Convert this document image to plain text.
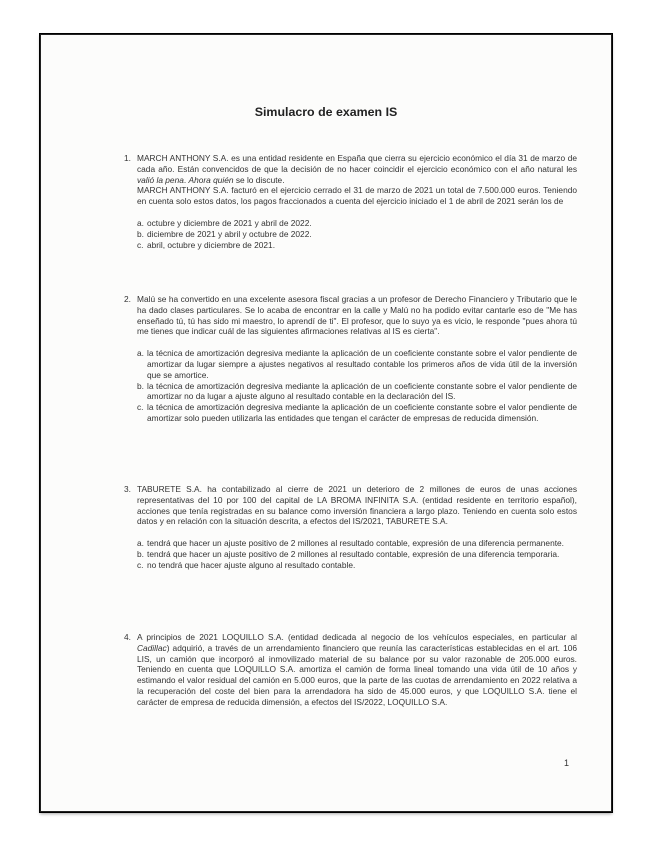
Simulacro de examen IS
1. MARCH ANTHONY S.A. es una entidad residente en España que cierra su ejercicio económico el día 31 de marzo de cada año. Están convencidos de que la decisión de no hacer coincidir el ejercicio económico con el año natural les valió la pena. Ahora quién se lo discute.

MARCH ANTHONY S.A. facturó en el ejercicio cerrado el 31 de marzo de 2021 un total de 7.500.000 euros. Teniendo en cuenta solo estos datos, los pagos fraccionados a cuenta del ejercicio iniciado el 1 de abril de 2021 serán los de

a. octubre y diciembre de 2021 y abril de 2022.
b. diciembre de 2021 y abril y octubre de 2022.
c. abril, octubre y diciembre de 2021.
2. Malú se ha convertido en una excelente asesora fiscal gracias a un profesor de Derecho Financiero y Tributario que le ha dado clases particulares. Se lo acaba de encontrar en la calle y Malú no ha podido evitar cantarle eso de "Me has enseñado tú, tú has sido mi maestro, lo aprendí de ti". El profesor, que lo suyo ya es vicio, le responde "pues ahora tú me tienes que indicar cuál de las siguientes afirmaciones relativas al IS es cierta".

a. la técnica de amortización degresiva mediante la aplicación de un coeficiente constante sobre el valor pendiente de amortizar da lugar siempre a ajustes negativos al resultado contable los primeros años de vida útil de la inversión que se amortice.
b. la técnica de amortización degresiva mediante la aplicación de un coeficiente constante sobre el valor pendiente de amortizar no da lugar a ajuste alguno al resultado contable en la declaración del IS.
c. la técnica de amortización degresiva mediante la aplicación de un coeficiente constante sobre el valor pendiente de amortizar solo pueden utilizarla las entidades que tengan el carácter de empresas de reducida dimensión.
3. TABURETE S.A. ha contabilizado al cierre de 2021 un deterioro de 2 millones de euros de unas acciones representativas del 10 por 100 del capital de LA BROMA INFINITA S.A. (entidad residente en territorio español), acciones que tenía registradas en su balance como inversión financiera a largo plazo. Teniendo en cuenta solo estos datos y en relación con la situación descrita, a efectos del IS/2021, TABURETE S.A.

a. tendrá que hacer un ajuste positivo de 2 millones al resultado contable, expresión de una diferencia permanente.
b. tendrá que hacer un ajuste positivo de 2 millones al resultado contable, expresión de una diferencia temporaria.
c. no tendrá que hacer ajuste alguno al resultado contable.
4. A principios de 2021 LOQUILLO S.A. (entidad dedicada al negocio de los vehículos especiales, en particular al Cadillac) adquirió, a través de un arrendamiento financiero que reunía las características establecidas en el art. 106 LIS, un camión que incorporó al inmovilizado material de su balance por su valor razonable de 205.000 euros. Teniendo en cuenta que LOQUILLO S.A. amortiza el camión de forma lineal tomando una vida útil de 10 años y estimando el valor residual del camión en 5.000 euros, que la parte de las cuotas de arrendamiento en 2022 relativa a la recuperación del coste del bien para la arrendadora ha sido de 45.000 euros, y que LOQUILLO S.A. tiene el carácter de empresa de reducida dimensión, a efectos del IS/2022, LOQUILLO S.A.

1
